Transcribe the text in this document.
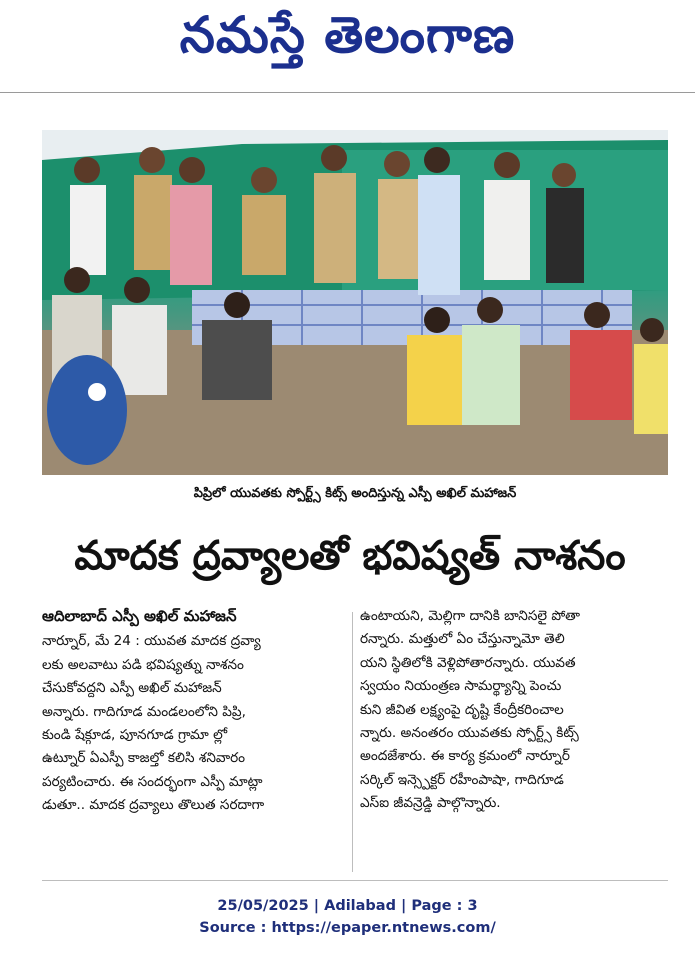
నమస్తే తెలంగాణ
పిప్రిలో యువతకు స్పోర్ట్స్ కిట్స్ అందిస్తున్న ఎస్పీ అఖిల్ మహాజన్
మాదక ద్రవ్యాలతో భవిష్యత్ నాశనం
ఆదిలాబాద్ ఎస్పీ అఖిల్ మహాజన్
నార్నూర్, మే 24 : యువత మాదక ద్రవ్యా
లకు అలవాటు పడి భవిష్యత్ను నాశనం
చేసుకోవద్దని ఎస్పీ అఖిల్ మహాజన్
అన్నారు. గాదిగూడ మండలంలోని పిప్రి,
కుండి షేక్గూడ, పూనగూడ గ్రామా ల్లో
ఉట్నూర్ ఏఎస్పీ కాజల్తో కలిసి శనివారం
పర్యటించారు. ఈ సందర్భంగా ఎస్పీ మాట్లా
డుతూ.. మాదక ద్రవ్యాలు తొలుత సరదాగా
ఉంటాయని, మెల్లిగా దానికి బానిసలై పోతా
రన్నారు. మత్తులో ఏం చేస్తున్నామో తెలి
యని స్థితిలోకి వెళ్లిపోతారన్నారు. యువత
స్వయం నియంత్రణ సామర్థ్యాన్ని పెంచు
కుని జీవిత లక్ష్యంపై దృష్టి కేంద్రీకరించాల
న్నారు. అనంతరం యువతకు స్పోర్ట్స్ కిట్స్
అందజేశారు. ఈ కార్య క్రమంలో నార్నూర్
సర్కిల్ ఇన్స్పెక్టర్ రహీంపాషా, గాదిగూడ
ఎస్ఐ జీవన్రెడ్డి పాల్గొన్నారు.
25/05/2025 | Adilabad | Page : 3
Source : https://epaper.ntnews.com/
